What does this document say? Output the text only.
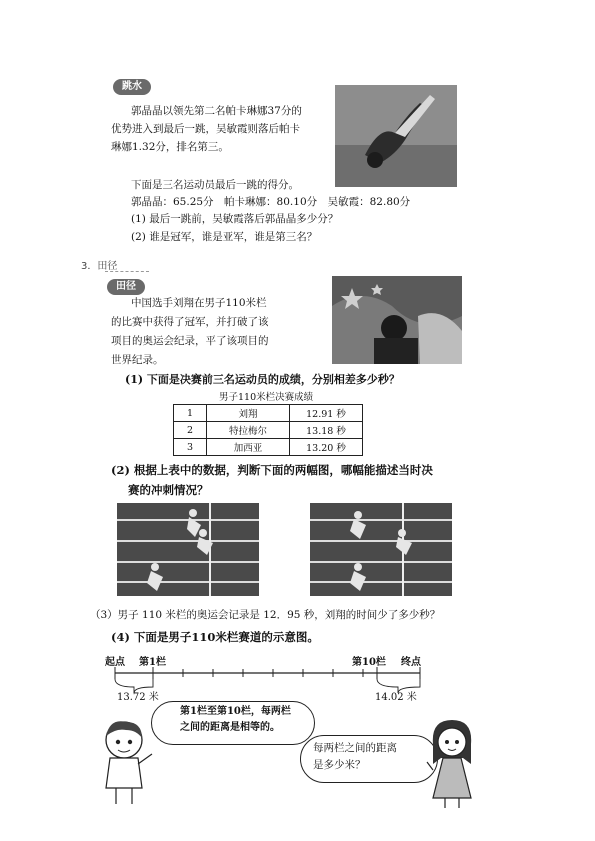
跳水
郭晶晶以领先第二名帕卡琳娜37分的
优势进入到最后一跳，吴敏霞则落后帕卡
琳娜1.32分，排名第三。
下面是三名运动员最后一跳的得分。
郭晶晶：65.25分　帕卡琳娜：80.10分　吴敏霞：82.80分
(1) 最后一跳前，吴敏霞落后郭晶晶多少分？
(2) 谁是冠军，谁是亚军，谁是第三名？
3．田径
田径
中国选手刘翔在男子110米栏
的比赛中获得了冠军，并打破了该
项目的奥运会纪录，平了该项目的
世界纪录。
(1) 下面是决赛前三名运动员的成绩，分别相差多少秒？
男子110米栏决赛成绩
1	刘翔	12.91 秒
2	特拉梅尔	13.18 秒
3	加西亚	13.20 秒
(2) 根据上表中的数据，判断下面的两幅图，哪幅能描述当时决
赛的冲刺情况？
（3）男子 110 米栏的奥运会记录是 12．95 秒，刘翔的时间少了多少秒？
(4) 下面是男子110米栏赛道的示意图。
起点 第1栏	第10栏 终点
13.72 米	14.02 米
第1栏至第10栏，每两栏
之间的距离是相等的。
每两栏之间的距离
是多少米？
